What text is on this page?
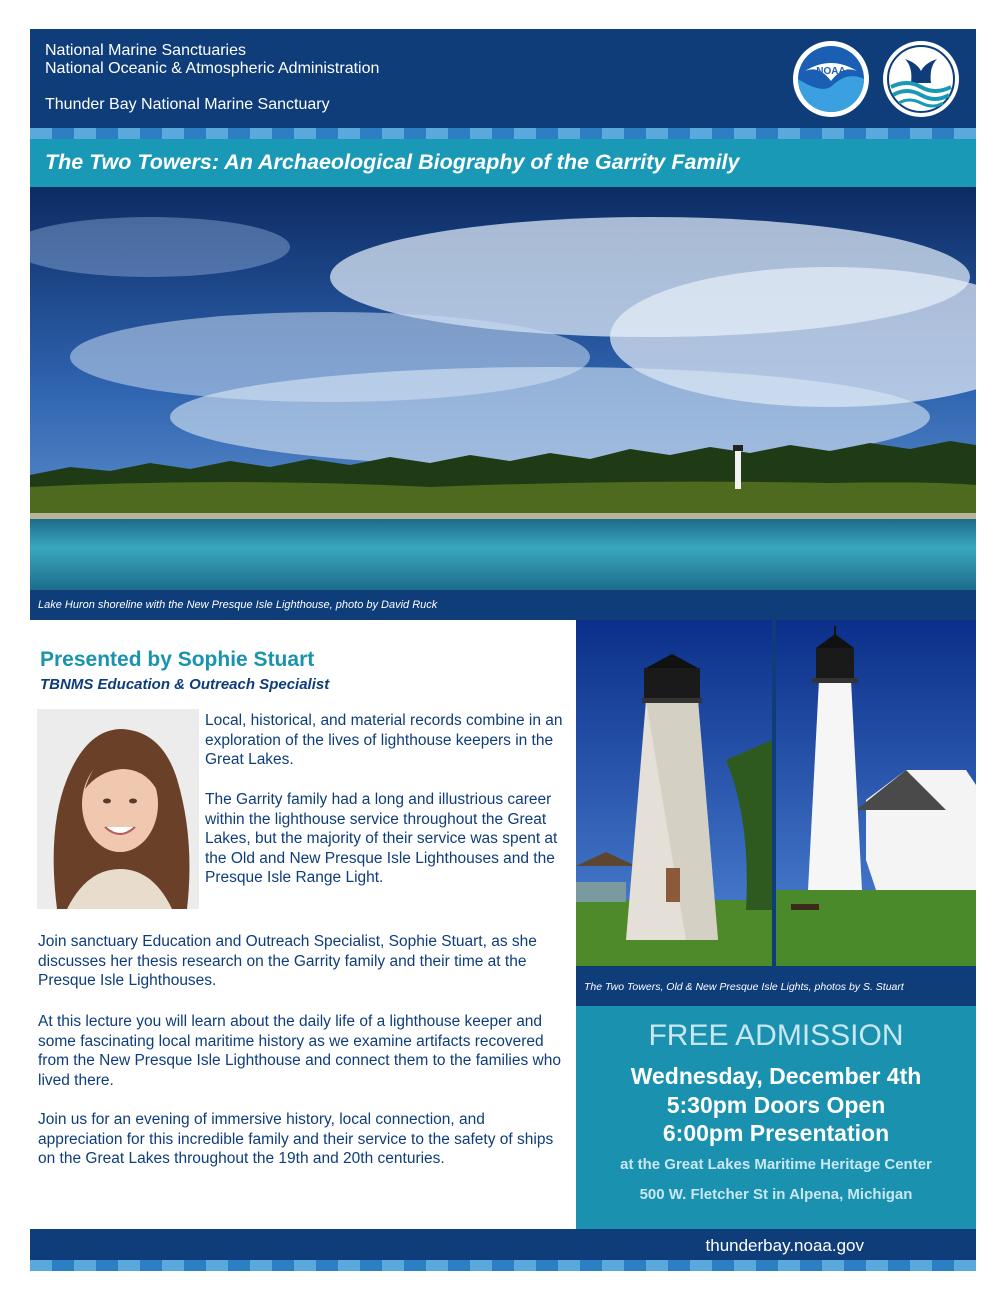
National Marine Sanctuaries
National Oceanic & Atmospheric Administration
Thunder Bay National Marine Sanctuary
NOAA
The Two Towers: An Archaeological Biography of the Garrity Family
Lake Huron shoreline with the New Presque Isle Lighthouse, photo by David Ruck
Presented by Sophie Stuart
TBNMS Education & Outreach Specialist
Local, historical, and material records combine in an exploration of the lives of lighthouse keepers in the Great Lakes.
The Garrity family had a long and illustrious career within the lighthouse service throughout the Great Lakes, but the majority of their service was spent at the Old and New Presque Isle Lighthouses and the Presque Isle Range Light.
Join sanctuary Education and Outreach Specialist, Sophie Stuart, as she discusses her thesis research on the Garrity family and their time at the Presque Isle Lighthouses.
At this lecture you will learn about the daily life of a lighthouse keeper and some fascinating local maritime history as we examine artifacts recovered from the New Presque Isle Lighthouse and connect them to the families who lived there.
Join us for an evening of immersive history, local connection, and appreciation for this incredible family and their service to the safety of ships on the Great Lakes throughout the 19th and 20th centuries.
The Two Towers, Old & New Presque Isle Lights, photos by S. Stuart
FREE ADMISSION
Wednesday, December 4th
5:30pm Doors Open
6:00pm Presentation
at the Great Lakes Maritime Heritage Center
500 W. Fletcher St in Alpena, Michigan
thunderbay.noaa.gov
